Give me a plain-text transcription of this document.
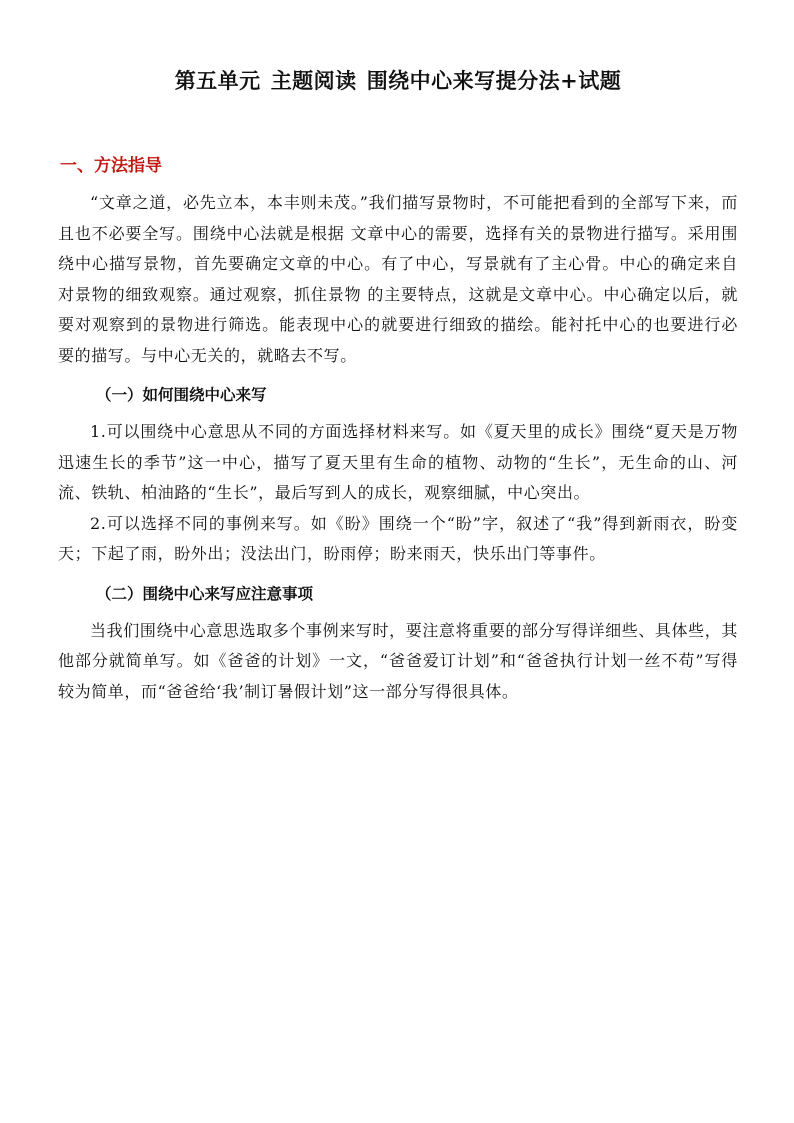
第五单元 主题阅读 围绕中心来写提分法+试题
一、方法指导

“文章之道，必先立本，本丰则未茂。”我们描写景物时，不可能把看到的全部写下来，而且也不必要全写。围绕中心法就是根据 文章中心的需要，选择有关的景物进行描写。采用围绕中心描写景物，首先要确定文章的中心。有了中心，写景就有了主心骨。中心的确定来自对景物的细致观察。通过观察，抓住景物 的主要特点，这就是文章中心。中心确定以后，就要对观察到的景物进行筛选。能表现中心的就要进行细致的描绘。能衬托中心的也要进行必要的描写。与中心无关的，就略去不写。

（一）如何围绕中心来写

1.可以围绕中心意思从不同的方面选择材料来写。如《夏天里的成长》围绕“夏天是万物迅速生长的季节”这一中心，描写了夏天里有生命的植物、动物的“生长”，无生命的山、河流、铁轨、柏油路的“生长”，最后写到人的成长，观察细腻，中心突出。

2.可以选择不同的事例来写。如《盼》围绕一个“盼”字，叙述了“我”得到新雨衣，盼变天；下起了雨，盼外出；没法出门，盼雨停；盼来雨天，快乐出门等事件。

（二）围绕中心来写应注意事项

当我们围绕中心意思选取多个事例来写时，要注意将重要的部分写得详细些、具体些，其他部分就简单写。如《爸爸的计划》一文，“爸爸爱订计划”和“爸爸执行计划一丝不苟”写得较为简单，而“爸爸给‘我’制订暑假计划”这一部分写得很具体。
